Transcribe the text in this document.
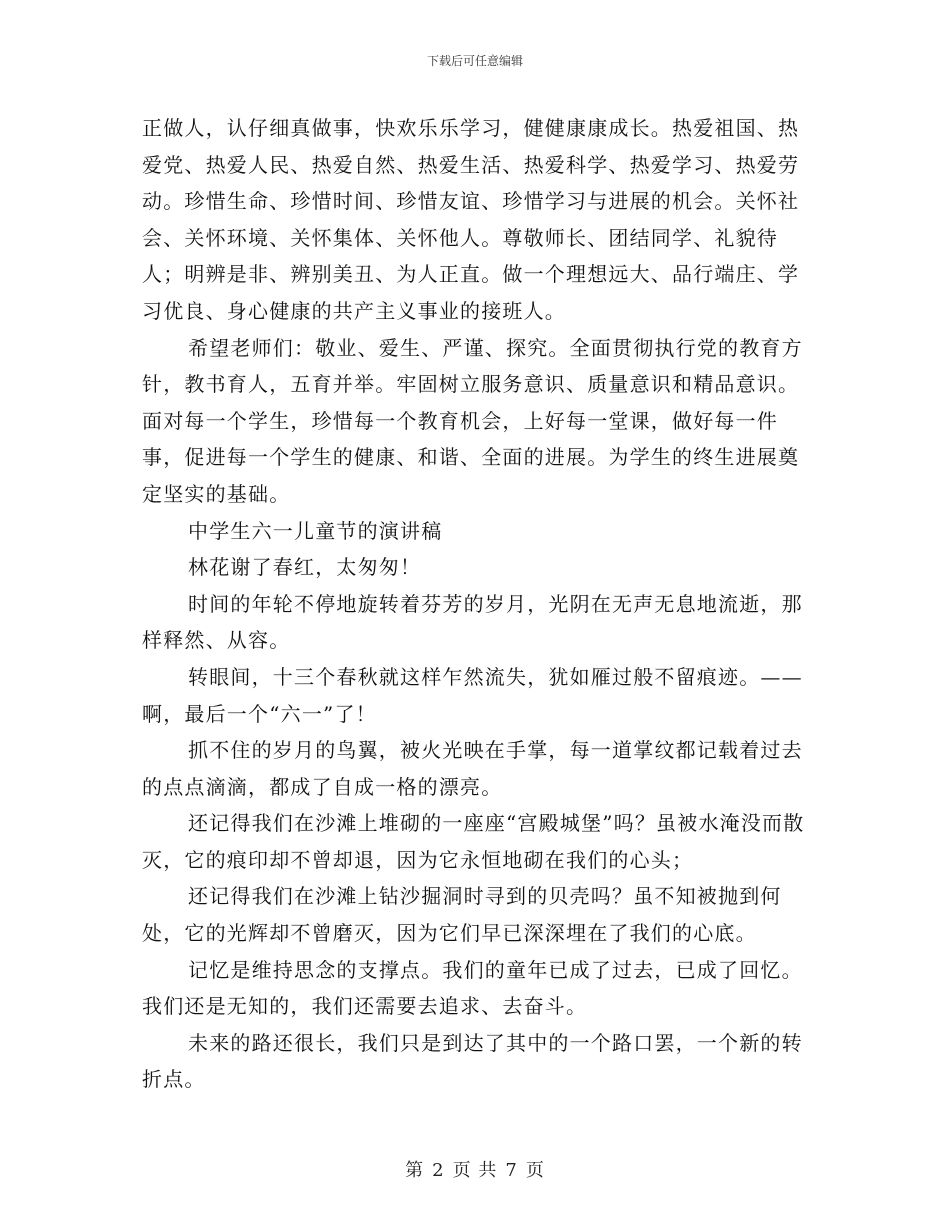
下载后可任意编辑

正做人，认仔细真做事，快欢乐乐学习，健健康康成长。热爱祖国、热爱党、热爱人民、热爱自然、热爱生活、热爱科学、热爱学习、热爱劳动。珍惜生命、珍惜时间、珍惜友谊、珍惜学习与进展的机会。关怀社会、关怀环境、关怀集体、关怀他人。尊敬师长、团结同学、礼貌待人；明辨是非、辨别美丑、为人正直。做一个理想远大、品行端庄、学习优良、身心健康的共产主义事业的接班人。

希望老师们：敬业、爱生、严谨、探究。全面贯彻执行党的教育方针，教书育人，五育并举。牢固树立服务意识、质量意识和精品意识。面对每一个学生，珍惜每一个教育机会，上好每一堂课，做好每一件事，促进每一个学生的健康、和谐、全面的进展。为学生的终生进展奠定坚实的基础。

中学生六一儿童节的演讲稿

林花谢了春红，太匆匆！

时间的年轮不停地旋转着芬芳的岁月，光阴在无声无息地流逝，那样释然、从容。

转眼间，十三个春秋就这样乍然流失，犹如雁过般不留痕迹。——啊，最后一个“六一”了！

抓不住的岁月的鸟翼，被火光映在手掌，每一道掌纹都记载着过去的点点滴滴，都成了自成一格的漂亮。

还记得我们在沙滩上堆砌的一座座“宫殿城堡”吗？虽被水淹没而散灭，它的痕印却不曾却退，因为它永恒地砌在我们的心头；

还记得我们在沙滩上钻沙掘洞时寻到的贝壳吗？虽不知被抛到何处，它的光辉却不曾磨灭，因为它们早已深深埋在了我们的心底。

记忆是维持思念的支撑点。我们的童年已成了过去，已成了回忆。我们还是无知的，我们还需要去追求、去奋斗。

未来的路还很长，我们只是到达了其中的一个路口罢，一个新的转折点。

第 2 页 共 7 页
